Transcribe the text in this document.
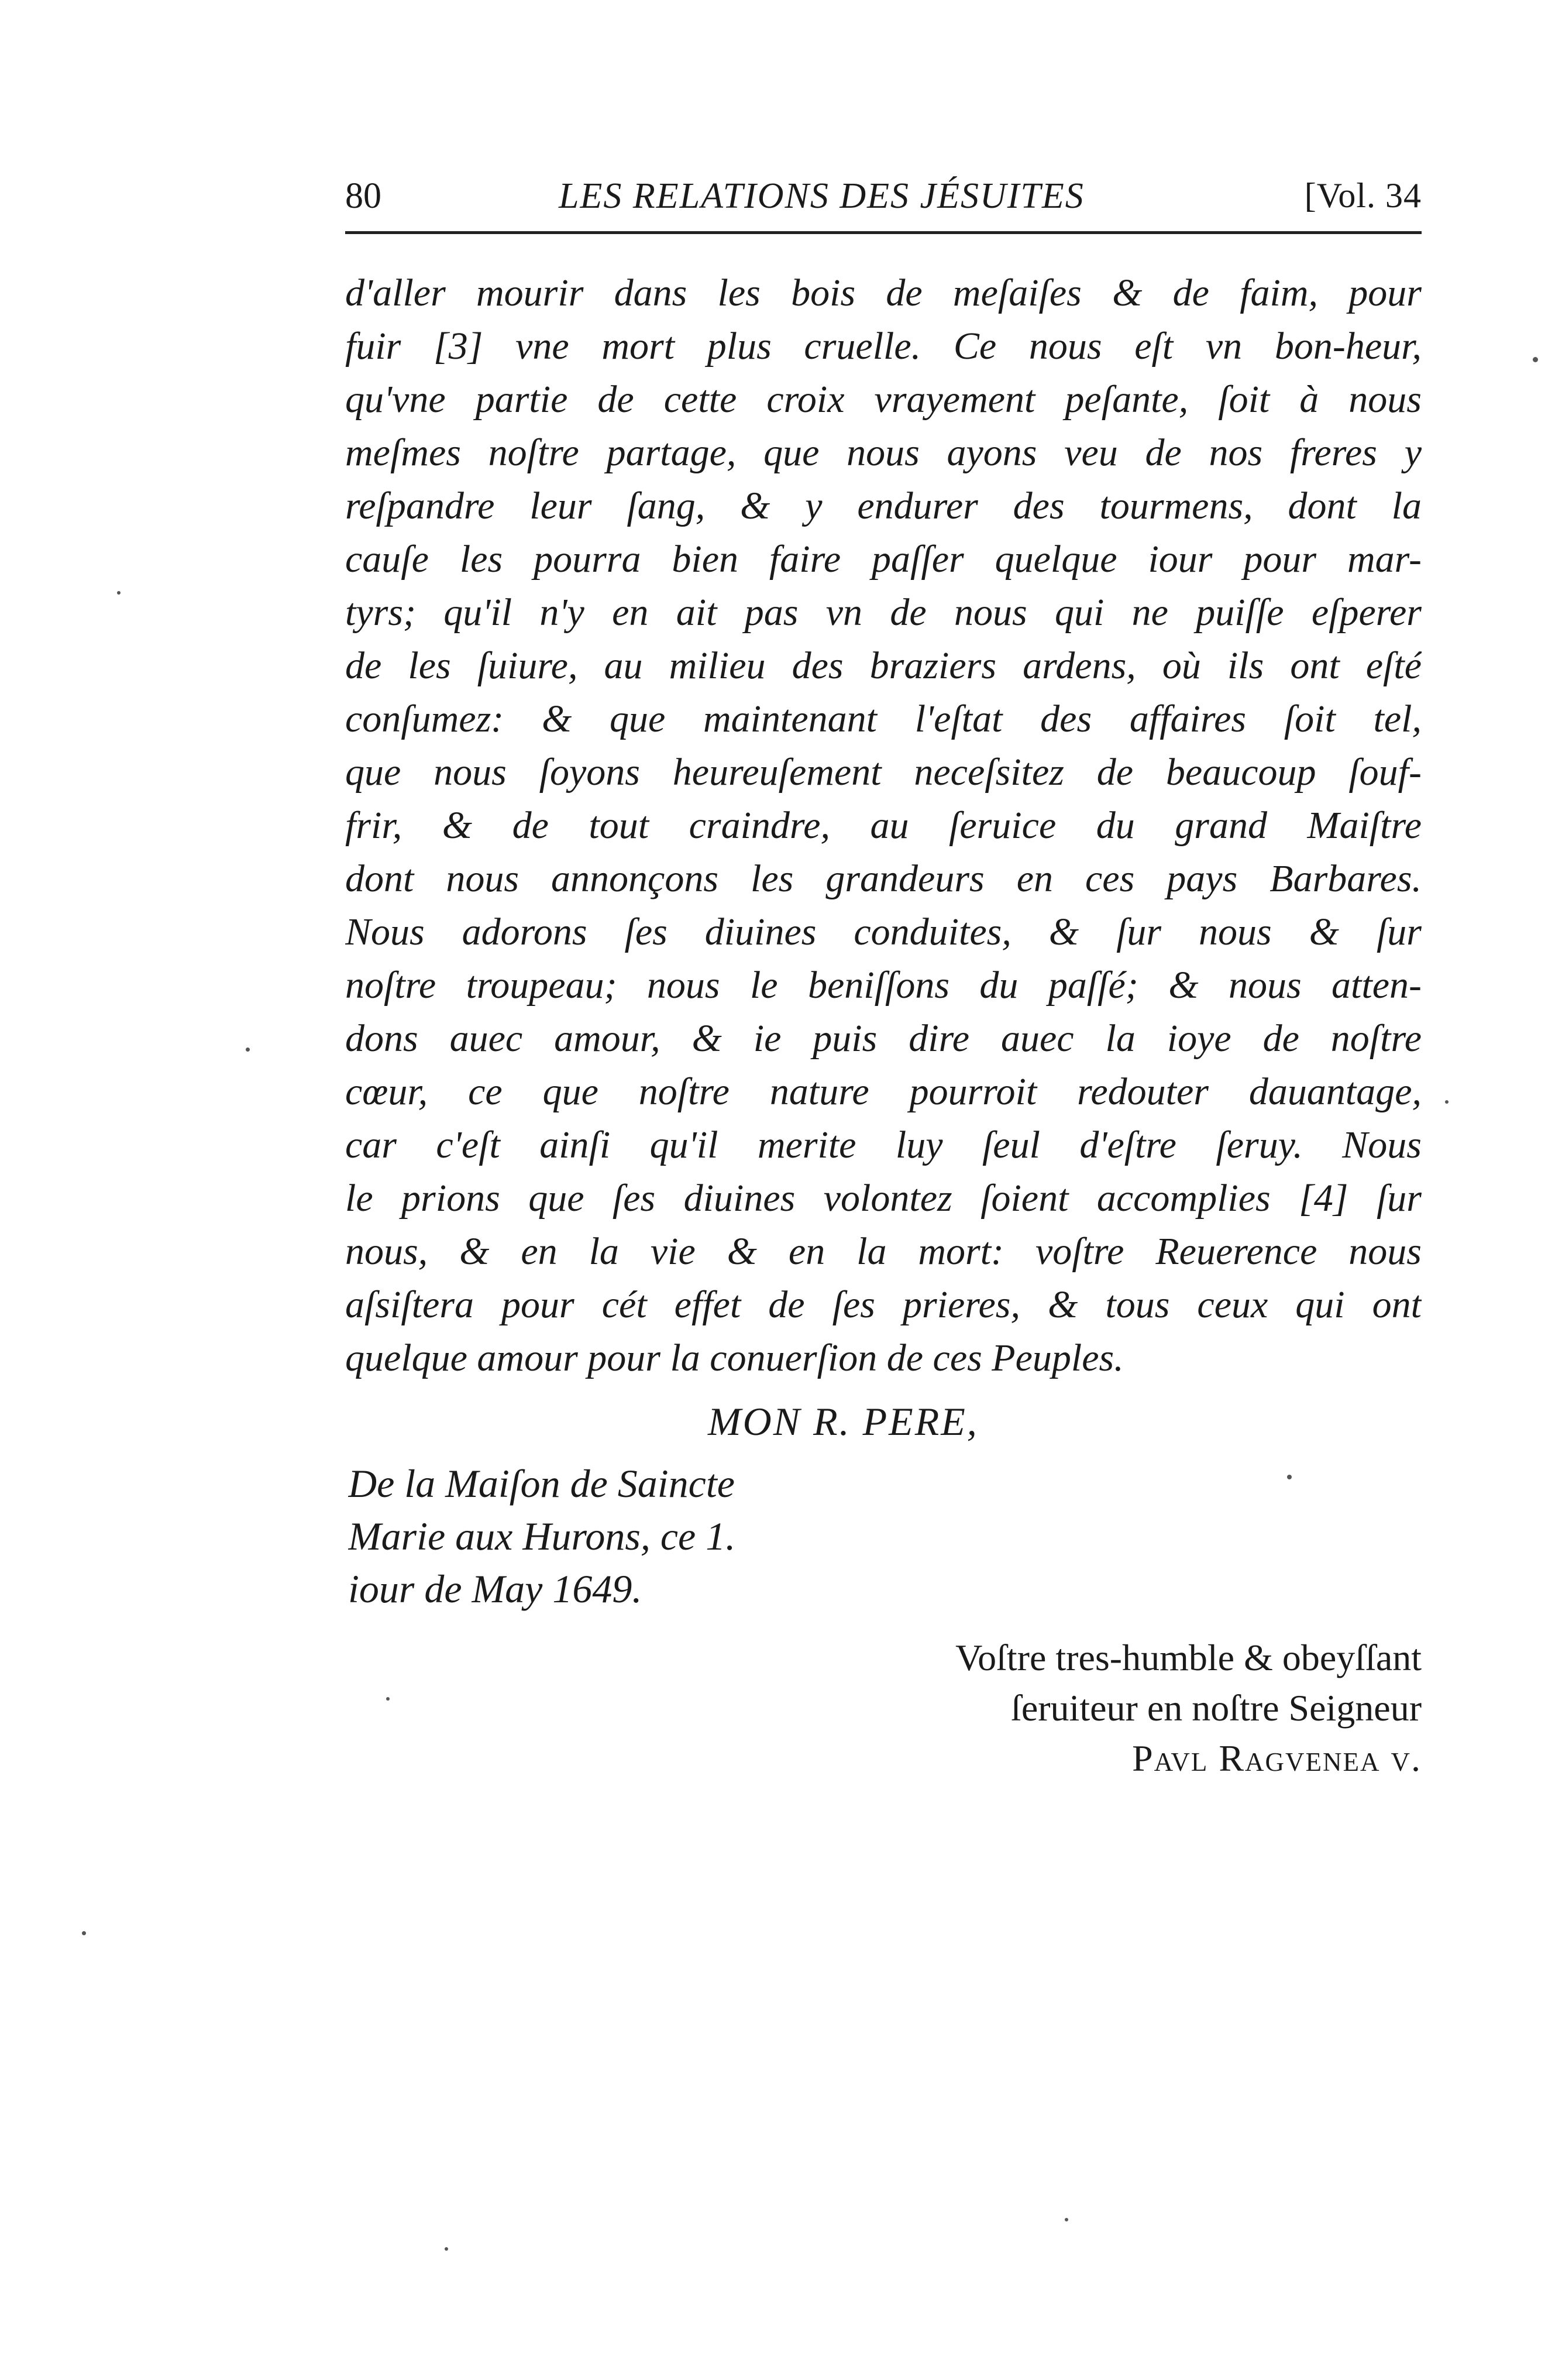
80	LES RELATIONS DES JÉSUITES	[Vol. 34
d'aller mourir dans les bois de meſaiſes & de faim, pour
fuir [3] vne mort plus cruelle. Ce nous eſt vn bon-heur,
qu'vne partie de cette croix vrayement peſante, ſoit à nous
meſmes noſtre partage, que nous ayons veu de nos freres y
reſpandre leur ſang, & y endurer des tourmens, dont la
cauſe les pourra bien faire paſſer quelque iour pour mar-
tyrs; qu'il n'y en ait pas vn de nous qui ne puiſſe eſperer
de les ſuiure, au milieu des braziers ardens, où ils ont eſté
conſumez: & que maintenant l'eſtat des affaires ſoit tel,
que nous ſoyons heureuſement neceſsitez de beaucoup ſouf-
frir, & de tout craindre, au ſeruice du grand Maiſtre
dont nous annonçons les grandeurs en ces pays Barbares.
Nous adorons ſes diuines conduites, & ſur nous & ſur
noſtre troupeau; nous le beniſſons du paſſé; & nous atten-
dons auec amour, & ie puis dire auec la ioye de noſtre
cœur, ce que noſtre nature pourroit redouter dauantage,
car c'eſt ainſi qu'il merite luy ſeul d'eſtre ſeruy. Nous
le prions que ſes diuines volontez ſoient accomplies [4] ſur
nous, & en la vie & en la mort: voſtre Reuerence nous
aſsiſtera pour cét effet de ſes prieres, & tous ceux qui ont
quelque amour pour la conuerſion de ces Peuples.
MON R. PERE,
De la Maiſon de Saincte
Marie aux Hurons, ce 1.
iour de May 1649.
Voſtre tres-humble & obeyſſant
ſeruiteur en noſtre Seigneur
Pavl Ragvenea v.
